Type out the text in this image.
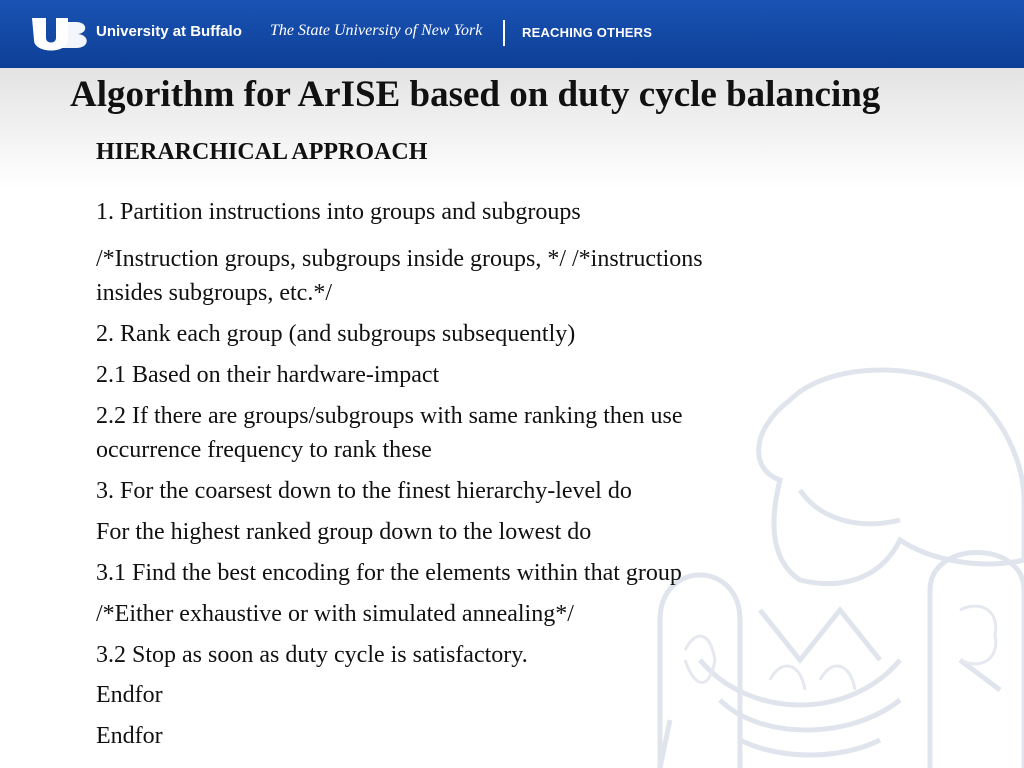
University at Buffalo The State University of New York	REACHING OTHERS
Algorithm for ArISE based on duty cycle balancing
HIERARCHICAL APPROACH
1. Partition instructions into groups and subgroups
/*Instruction groups, subgroups inside groups, */ /*instructions
insides subgroups, etc.*/
2. Rank each group (and subgroups subsequently)
2.1 Based on their hardware-impact
2.2 If there are groups/subgroups with same ranking then use
occurrence frequency to rank these
3. For the coarsest down to the finest hierarchy-level do
For the highest ranked group down to the lowest do
3.1 Find the best encoding for the elements within that group
/*Either exhaustive or with simulated annealing*/
3.2 Stop as soon as duty cycle is satisfactory.
Endfor
Endfor
